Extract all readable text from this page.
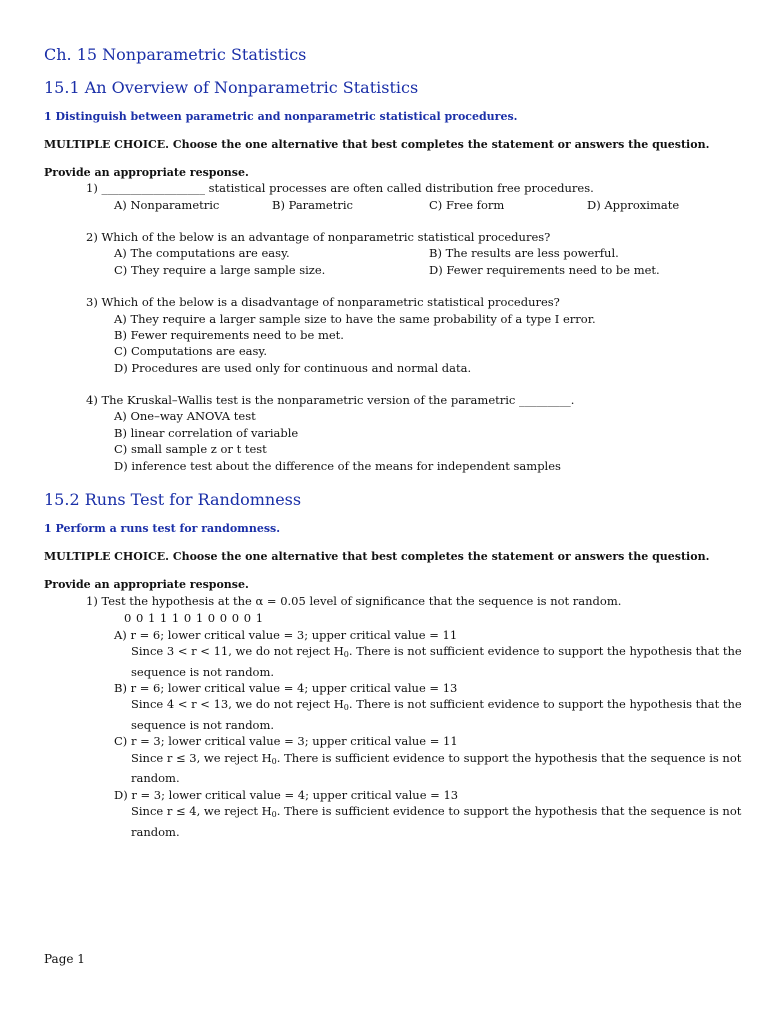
Ch. 15 Nonparametric Statistics
15.1 An Overview of Nonparametric Statistics
1 Distinguish between parametric and nonparametric statistical procedures.
MULTIPLE CHOICE. Choose the one alternative that best completes the statement or answers the question.
Provide an appropriate response.
1) __________________ statistical processes are often called distribution free procedures.
A) Nonparametric	B) Parametric	C) Free form	D) Approximate
2) Which of the below is an advantage of nonparametric statistical procedures?
A) The computations are easy.	B) The results are less powerful.
C) They require a large sample size.	D) Fewer requirements need to be met.
3) Which of the below is a disadvantage of nonparametric statistical procedures?
A) They require a larger sample size to have the same probability of a type I error.
B) Fewer requirements need to be met.
C) Computations are easy.
D) Procedures are used only for continuous and normal data.
4) The Kruskal–Wallis test is the nonparametric version of the parametric _________.
A) One–way ANOVA test
B) linear correlation of variable
C) small sample z or t test
D) inference test about the difference of the means for independent samples
15.2 Runs Test for Randomness
1 Perform a runs test for randomness.
MULTIPLE CHOICE. Choose the one alternative that best completes the statement or answers the question.
Provide an appropriate response.
1) Test the hypothesis at the α = 0.05 level of significance that the sequence is not random.
0 0 1 1 1 0 1 0 0 0 0 1
A) r = 6; lower critical value = 3; upper critical value = 11
Since 3 < r < 11, we do not reject H0. There is not sufficient evidence to support the hypothesis that the
sequence is not random.
B) r = 6; lower critical value = 4; upper critical value = 13
Since 4 < r < 13, we do not reject H0. There is not sufficient evidence to support the hypothesis that the
sequence is not random.
C) r = 3; lower critical value = 3; upper critical value = 11
Since r ≤ 3, we reject H0. There is sufficient evidence to support the hypothesis that the sequence is not
random.
D) r = 3; lower critical value = 4; upper critical value = 13
Since r ≤ 4, we reject H0. There is sufficient evidence to support the hypothesis that the sequence is not
random.
Page 1
